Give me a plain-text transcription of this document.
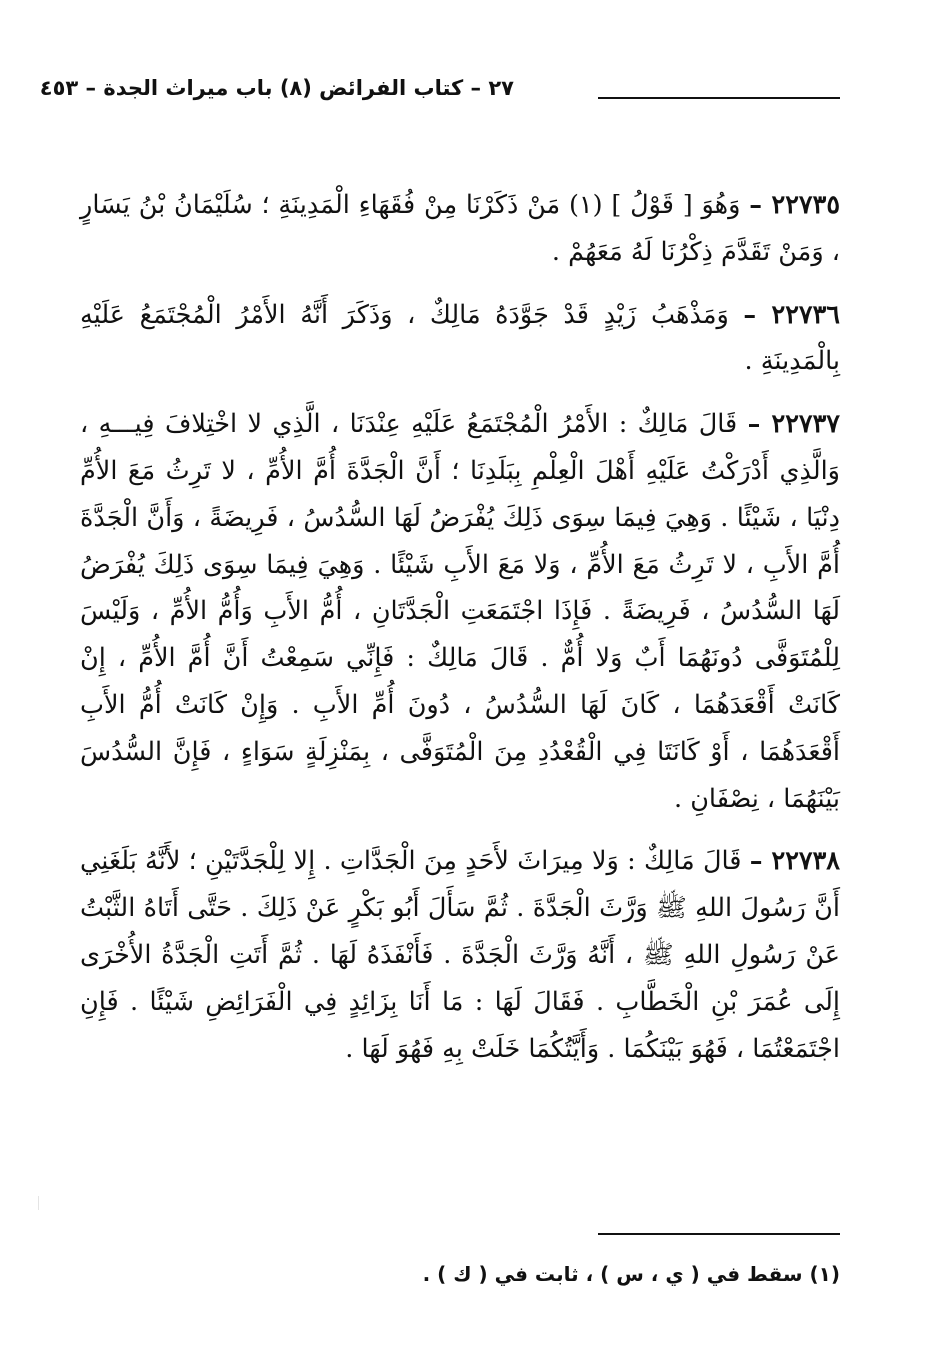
٢٧ – كتاب الفرائض (٨) باب ميراث الجدة – ٤٥٣

٢٢٧٣٥ – وَهُوَ [ قَوْلُ ] (١) مَنْ ذَكَرْنَا مِنْ فُقَهَاءِ الْمَدِينَةِ ؛ سُلَيْمَانُ بْنُ يَسَارٍ ، وَمَنْ تَقَدَّمَ ذِكْرُنَا لَهُ مَعَهُمْ .

٢٢٧٣٦ – وَمَذْهَبُ زَيْدٍ قَدْ جَوَّدَهُ مَالِكٌ ، وَذَكَرَ أَنَّهُ الأَمْرُ الْمُجْتَمَعُ عَلَيْهِ بِالْمَدِينَةِ .

٢٢٧٣٧ – قَالَ مَالِكٌ : الأَمْرُ الْمُجْتَمَعُ عَلَيْهِ عِنْدَنَا ، الَّذِي لا اخْتِلافَ فِيـــهِ ، وَالَّذِي أَدْرَكْتُ عَلَيْهِ أَهْلَ الْعِلْمِ بِبَلَدِنَا ؛ أَنَّ الْجَدَّةَ أُمَّ الأُمِّ ، لا تَرِثُ مَعَ الأُمِّ دِنْيَا ، شَيْئًا . وَهِيَ فِيمَا سِوَى ذَلِكَ يُفْرَضُ لَهَا السُّدُسُ ، فَرِيضَةً ، وَأَنَّ الْجَدَّةَ أُمَّ الأَبِ ، لا تَرِثُ مَعَ الأُمِّ ، وَلا مَعَ الأَبِ شَيْئًا . وَهِيَ فِيمَا سِوَى ذَلِكَ يُفْرَضُ لَهَا السُّدُسُ ، فَرِيضَةً . فَإِذَا اجْتَمَعَتِ الْجَدَّتَانِ ، أُمُّ الأَبِ وَأُمُّ الأُمِّ ، وَلَيْسَ لِلْمُتَوَفَّى دُونَهُمَا أَبٌ وَلا أُمٌّ . قَالَ مَالِكٌ : فَإِنِّي سَمِعْتُ أَنَّ أُمَّ الأُمِّ ، إِنْ كَانَتْ أَقْعَدَهُمَا ، كَانَ لَهَا السُّدُسُ ، دُونَ أُمِّ الأَبِ . وَإِنْ كَانَتْ أُمُّ الأَبِ أَقْعَدَهُمَا ، أَوْ كَانَتَا فِي الْقُعْدُدِ مِنَ الْمُتَوَفَّى ، بِمَنْزِلَةٍ سَوَاءٍ ، فَإِنَّ السُّدُسَ بَيْنَهُمَا ، نِصْفَانِ .

٢٢٧٣٨ – قَالَ مَالِكٌ : وَلا مِيرَاثَ لأَحَدٍ مِنَ الْجَدَّاتِ . إِلا لِلْجَدَّتَيْنِ ؛ لأَنَّهُ بَلَغَنِي أَنَّ رَسُولَ اللهِ ﷺ وَرَّثَ الْجَدَّةَ . ثُمَّ سَأَلَ أَبُو بَكْرٍ عَنْ ذَلِكَ . حَتَّى أَتَاهُ الثَّبْتُ عَنْ رَسُولِ اللهِ ﷺ ، أَنَّهُ وَرَّثَ الْجَدَّةَ . فَأَنْفَذَهُ لَهَا . ثُمَّ أَتَتِ الْجَدَّةُ الأُخْرَى إِلَى عُمَرَ بْنِ الْخَطَّابِ . فَقَالَ لَهَا : مَا أَنَا بِزَائِدٍ فِي الْفَرَائِضِ شَيْئًا . فَإِنِ اجْتَمَعْتُمَا ، فَهُوَ بَيْنَكُمَا . وَأَيَّتُكُمَا خَلَتْ بِهِ فَهُوَ لَهَا .

(١) سقط في ( ي ، س ) ، ثابت في ( ك ) .
